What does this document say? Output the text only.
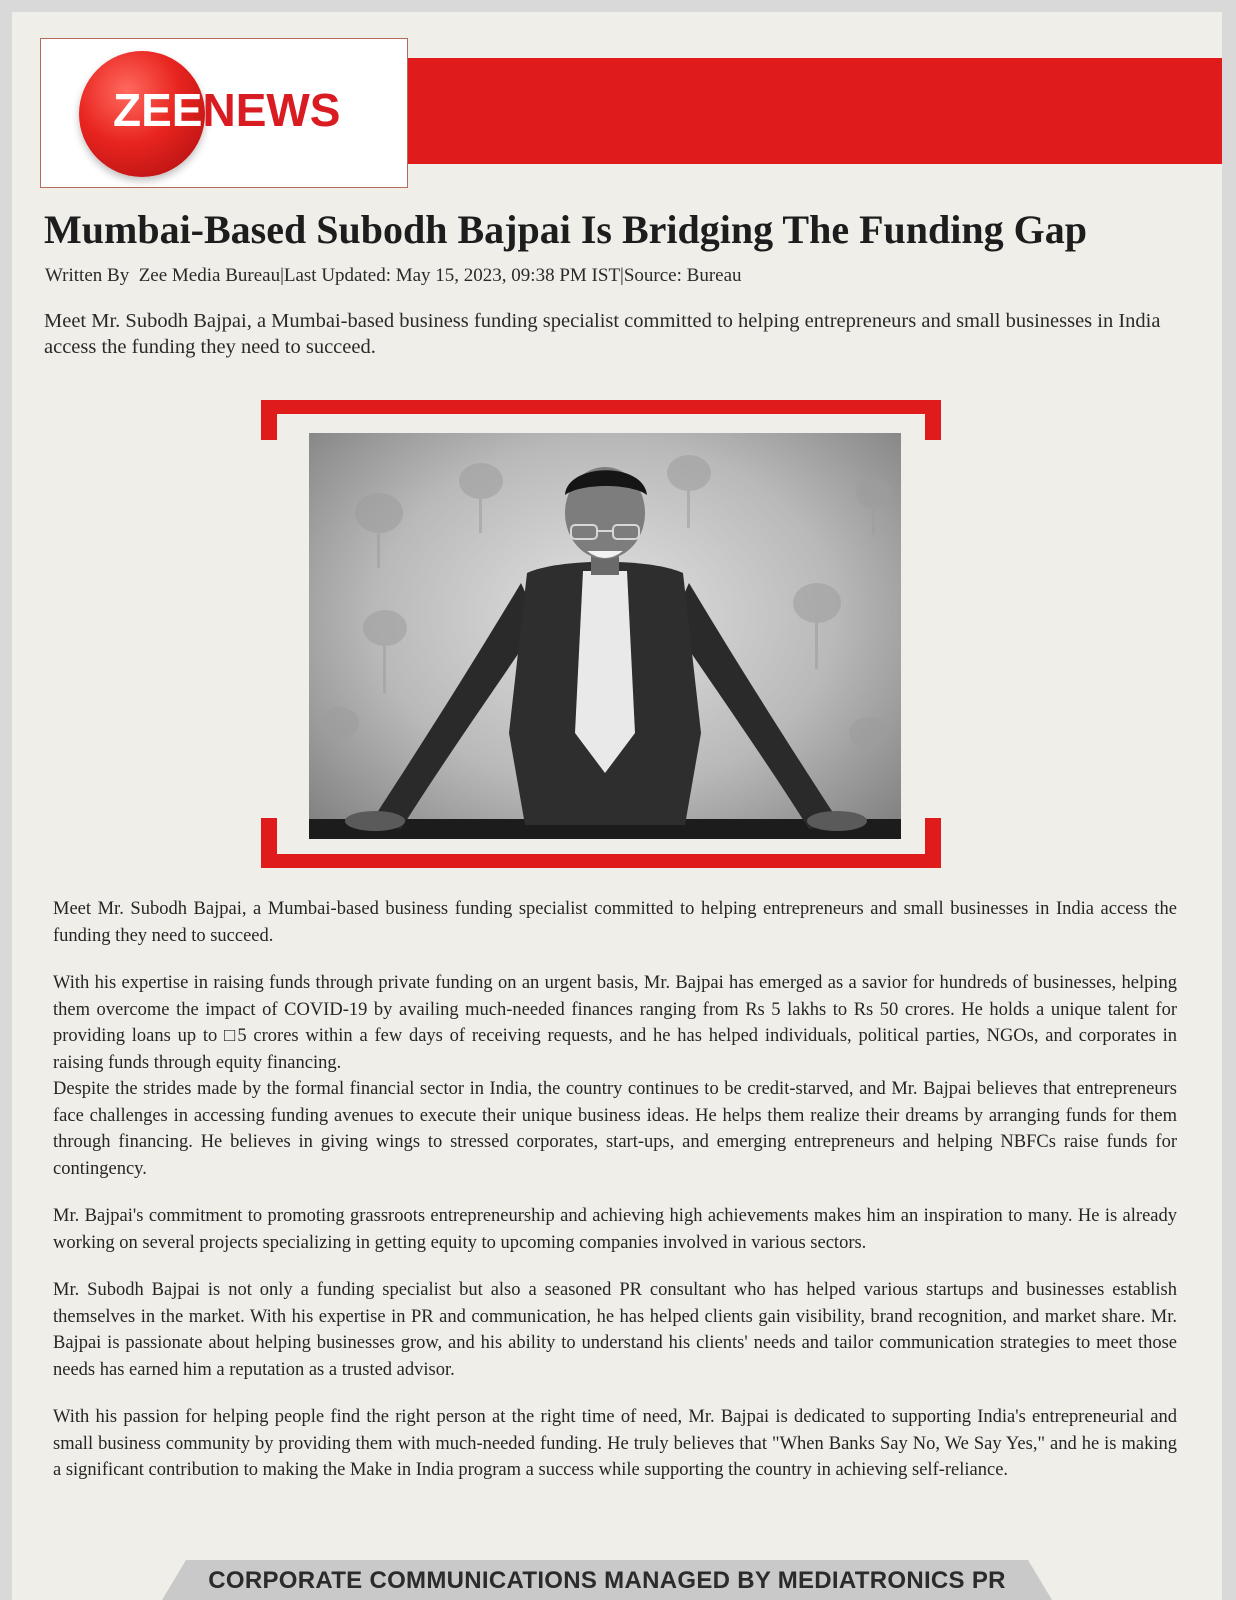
ZEENEWS
Mumbai-Based Subodh Bajpai Is Bridging The Funding Gap
Written By  Zee Media Bureau|Last Updated: May 15, 2023, 09:38 PM IST|Source: Bureau

Meet Mr. Subodh Bajpai, a Mumbai-based business funding specialist committed to helping entrepreneurs and small businesses in India access the funding they need to succeed.

Meet Mr. Subodh Bajpai, a Mumbai-based business funding specialist committed to helping entrepreneurs and small businesses in India access the funding they need to succeed.

With his expertise in raising funds through private funding on an urgent basis, Mr. Bajpai has emerged as a savior for hundreds of businesses, helping them overcome the impact of COVID-19 by availing much-needed finances ranging from Rs 5 lakhs to Rs 50 crores. He holds a unique talent for providing loans up to □5 crores within a few days of receiving requests, and he has helped individuals, political parties, NGOs, and corporates in raising funds through equity financing.

Despite the strides made by the formal financial sector in India, the country continues to be credit-starved, and Mr. Bajpai believes that entrepreneurs face challenges in accessing funding avenues to execute their unique business ideas. He helps them realize their dreams by arranging funds for them through financing. He believes in giving wings to stressed corporates, start-ups, and emerging entrepreneurs and helping NBFCs raise funds for contingency.

Mr. Bajpai's commitment to promoting grassroots entrepreneurship and achieving high achievements makes him an inspiration to many. He is already working on several projects specializing in getting equity to upcoming companies involved in various sectors.

Mr. Subodh Bajpai is not only a funding specialist but also a seasoned PR consultant who has helped various startups and businesses establish themselves in the market. With his expertise in PR and communication, he has helped clients gain visibility, brand recognition, and market share. Mr. Bajpai is passionate about helping businesses grow, and his ability to understand his clients' needs and tailor communication strategies to meet those needs has earned him a reputation as a trusted advisor.

With his passion for helping people find the right person at the right time of need, Mr. Bajpai is dedicated to supporting India's entrepreneurial and small business community by providing them with much-needed funding. He truly believes that "When Banks Say No, We Say Yes," and he is making a significant contribution to making the Make in India program a success while supporting the country in achieving self-reliance.

CORPORATE COMMUNICATIONS MANAGED BY MEDIATRONICS PR
